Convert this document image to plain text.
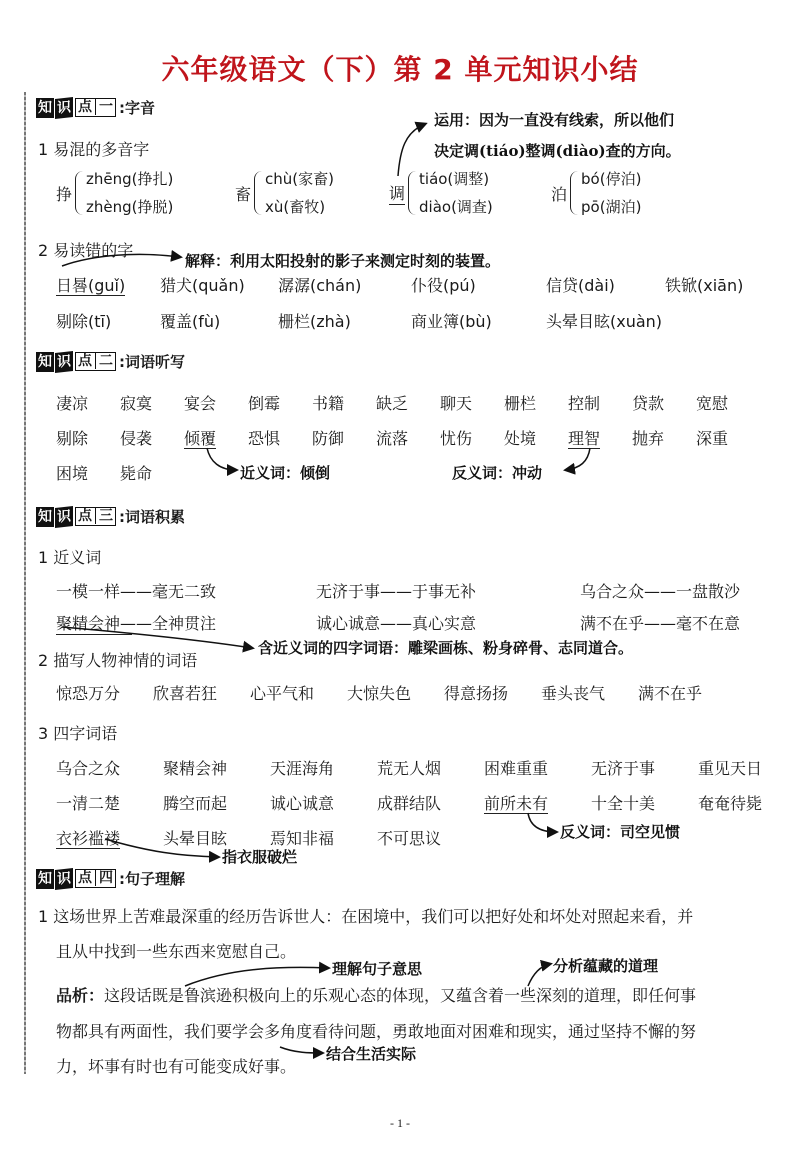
六年级语文（下）第 2 单元知识小结
知 识 点 一 : 字音
1 易混的多音字
运用：因为一直没有线索，所以他们
决定调(tiáo)整调(diào)查的方向。
挣
zhēng(挣扎)
zhèng(挣脱)
畜
chù(家畜)
xù(畜牧)
调
tiáo(调整)
diào(调查)
泊
bó(停泊)
pō(湖泊)
2 易读错的字
解释：利用太阳投射的影子来测定时刻的装置。
日晷(guǐ) 猎犬(quǎn) 潺潺(chán)	仆役(pú)	信贷(dài)	铁锨(xiān)
剔除(tī)	覆盖(fù)	栅栏(zhà)	商业簿(bù)	头晕目眩(xuàn)
知 识 点 二 : 词语听写
凄凉	寂寞	宴会	倒霉	书籍	缺乏	聊天	栅栏	控制	贷款	宽慰
剔除	侵袭	倾覆	恐惧	防御	流落	忧伤	处境	理智	抛弃	深重
困境	毙命	近义词：倾倒	反义词：冲动
知 识 点 三 : 词语积累
1 近义词
一模一样——毫无二致	无济于事——于事无补	乌合之众——一盘散沙
聚精会神——全神贯注	诚心诚意——真心实意	满不在乎——毫不在意
含近义词的四字词语：雕梁画栋、粉身碎骨、志同道合。
2 描写人物神情的词语
惊恐万分	欣喜若狂	心平气和	大惊失色	得意扬扬	垂头丧气	满不在乎
3 四字词语
乌合之众	聚精会神	天涯海角	荒无人烟	困难重重	无济于事	重见天日
一清二楚	腾空而起	诚心诚意	成群结队	前所未有	十全十美	奄奄待毙
衣衫褴褛	头晕目眩	焉知非福	不可思议	反义词：司空见惯
指衣服破烂
知 识 点 四 : 句子理解
1 这场世界上苦难最深重的经历告诉世人：在困境中，我们可以把好处和坏处对照起来看，并
且从中找到一些东西来宽慰自己。
理解句子意思	分析蕴藏的道理
品析：这段话既是鲁滨逊积极向上的乐观心态的体现，又蕴含着一些深刻的道理，即任何事
物都具有两面性，我们要学会多角度看待问题，勇敢地面对困难和现实，通过坚持不懈的努
力，坏事有时也有可能变成好事。
结合生活实际
- 1 -
